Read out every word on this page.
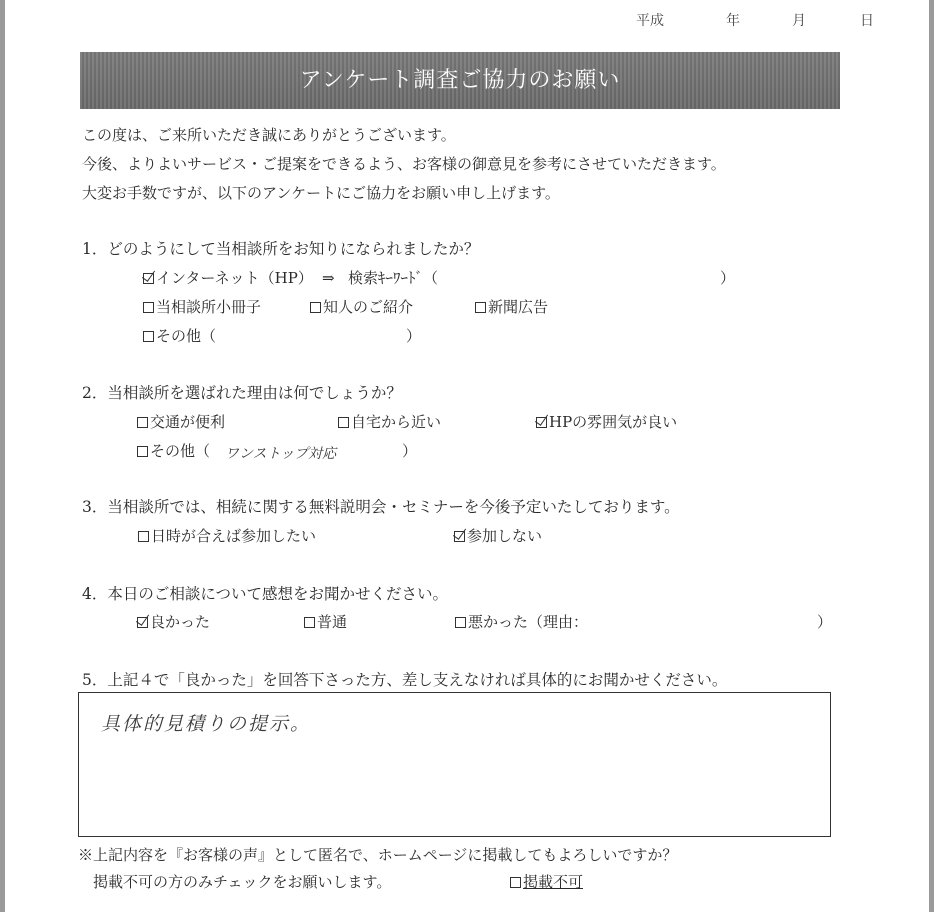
平成	年	月	日
アンケート調査ご協力のお願い
この度は、ご来所いただき誠にありがとうございます。
今後、よりよいサービス・ご提案をできるよう、お客様の御意見を参考にさせていただきます。
大変お手数ですが、以下のアンケートにご協力をお願い申し上げます。
1．どのようにして当相談所をお知りになられましたか？
インターネット（HP） ⇒ 検索ｷｰﾜｰﾄﾞ（	）
当相談所小冊子	知人のご紹介	新聞広告
その他（	）
2．当相談所を選ばれた理由は何でしょうか？
交通が便利	自宅から近い	HPの雰囲気が良い
その他（ ワンストップ対応	）
3．当相談所では、相続に関する無料説明会・セミナーを今後予定いたしております。
日時が合えば参加したい	参加しない
4．本日のご相談について感想をお聞かせください。
良かった	普通	悪かった（理由：	）
5．上記４で「良かった」を回答下さった方、差し支えなければ具体的にお聞かせください。
具体的見積りの提示。
※上記内容を『お客様の声』として匿名で、ホームページに掲載してもよろしいですか？
掲載不可の方のみチェックをお願いします。	掲載不可
